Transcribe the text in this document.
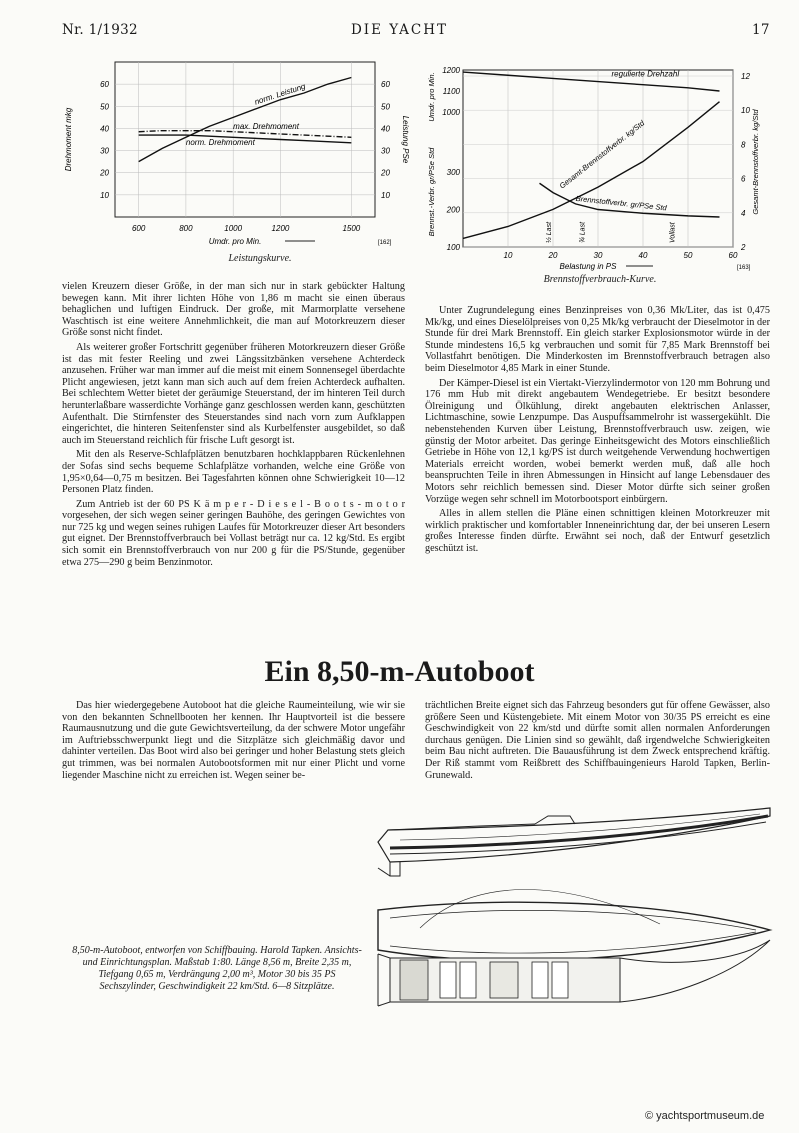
Nr. 1/1932	DIE YACHT	17
10	10
20	20
30	30
40	40
50	50
60	60
600	800	1000	1200	1500
Umdr. pro Min.
Drehmoment mkg	Leistung PSe
[162]
norm. Leistung
max. Drehmoment
norm. Drehmoment
Leistungskurve.	10	20	30	40	50	60
100
200
300
1000
1100
1200
2
4
6
8
10
12
Belastung in PS
Brennst.-Verbr. gr/PSe Std
Umdr. pro Min.
Gesamt-Brennstoffverbr. kg/Std
[163]
½ Last	¾ Last	Vollast
regulierte Drehzahl
Gesamt-Brennstoffverbr. kg/Std
Brennstoffverbr. gr/PSe Std
Brennstoffverbrauch-Kurve.

vielen Kreuzern dieser Größe, in der man sich nur in stark gebückter Haltung bewegen kann. Mit ihrer lichten Höhe von 1,86 m macht sie einen überaus behaglichen und luftigen Eindruck. Der große, mit Marmorplatte versehene Waschtisch ist eine weitere Annehmlichkeit, die man auf Motorkreuzern dieser Größe sonst nicht findet.

Als weiterer großer Fortschritt gegenüber früheren Motorkreuzern dieser Größe ist das mit fester Reeling und zwei Längssitzbänken versehene Achterdeck anzusehen. Früher war man immer auf die meist mit einem Sonnensegel überdachte Plicht angewiesen, jetzt kann man sich auch auf dem freien Achterdeck aufhalten. Bei schlechtem Wetter bietet der geräumige Steuerstand, der im hinteren Teil durch herunterlaßbare wasserdichte Vorhänge ganz geschlossen werden kann, geschützten Aufenthalt. Die Stirnfenster des Steuerstandes sind nach vorn zum Aufklappen eingerichtet, die hinteren Seitenfenster sind als Kurbelfenster ausgebildet, so daß auch im Steuerstand reichlich für frische Luft gesorgt ist.

Mit den als Reserve-Schlafplätzen benutzbaren hochklappbaren Rückenlehnen der Sofas sind sechs bequeme Schlafplätze vorhanden, welche eine Größe von 1,95×0,64—0,75 m besitzen. Bei Tagesfahrten können ohne Schwierigkeit 10—12 Personen Platz finden.

Zum Antrieb ist der 60 PS K ä m p e r - D i e s e l - B o o t s - m o t o r vorgesehen, der sich wegen seiner geringen Bauhöhe, des geringen Gewichtes von nur 725 kg und wegen seines ruhigen Laufes für Motorkreuzer dieser Art besonders gut eignet. Der Brennstoffverbrauch bei Vollast beträgt nur ca. 12 kg/Std. Es ergibt sich somit ein Brennstoffverbrauch von nur 200 g für die PS/Stunde, gegenüber etwa 275—290 g beim Benzinmotor.

Unter Zugrundelegung eines Benzinpreises von 0,36 Mk/Liter, das ist 0,475 Mk/kg, und eines Dieselölpreises von 0,25 Mk/kg verbraucht der Dieselmotor in der Stunde für drei Mark Brennstoff. Ein gleich starker Explosionsmotor würde in der Stunde mindestens 16,5 kg verbrauchen und somit für 7,85 Mark Brennstoff bei Vollastfahrt benötigen. Die Minderkosten im Brennstoffverbrauch betragen also beim Dieselmotor 4,85 Mark in einer Stunde.

Der Kämper-Diesel ist ein Viertakt-Vierzylindermotor von 120 mm Bohrung und 176 mm Hub mit direkt angebautem Wendegetriebe. Er besitzt besondere Ölreinigung und Ölkühlung, direkt angebauten elektrischen Anlasser, Lichtmaschine, sowie Lenzpumpe. Das Auspuffsammelrohr ist wassergekühlt. Die nebenstehenden Kurven über Leistung, Brennstoffverbrauch usw. zeigen, wie günstig der Motor arbeitet. Das geringe Einheitsgewicht des Motors einschließlich Getriebe in Höhe von 12,1 kg/PS ist durch weitgehende Verwendung hochwertigen Materials erreicht worden, wobei bemerkt werden muß, daß alle hoch beanspruchten Teile in ihren Abmessungen in Hinsicht auf lange Lebensdauer des Motors sehr reichlich bemessen sind. Dieser Motor dürfte sich seiner großen Vorzüge wegen sehr schnell im Motorbootsport einbürgern.

Alles in allem stellen die Pläne einen schnittigen kleinen Motorkreuzer mit wirklich praktischer und komfortabler Inneneinrichtung dar, der bei unseren Lesern großes Interesse finden dürfte. Erwähnt sei noch, daß der Entwurf gesetzlich geschützt ist.

Ein 8,50-m-Autoboot

Das hier wiedergegebene Autoboot hat die gleiche Raumeinteilung, wie wir sie von den bekannten Schnellbooten her kennen. Ihr Hauptvorteil ist die bessere Raumausnutzung und die gute Gewichtsverteilung, da der schwere Motor ungefähr im Auftriebsschwerpunkt liegt und die Sitzplätze sich gleichmäßig davor und dahinter verteilen. Das Boot wird also bei geringer und hoher Belastung stets gleich gut trimmen, was bei normalen Autobootsformen mit nur einer Plicht und vorne liegender Maschine nicht zu erreichen ist. Wegen seiner be-

trächtlichen Breite eignet sich das Fahrzeug besonders gut für offene Gewässer, also größere Seen und Küstengebiete. Mit einem Motor von 30/35 PS erreicht es eine Geschwindigkeit von 22 km/std und dürfte somit allen normalen Anforderungen durchaus genügen. Die Linien sind so gewählt, daß irgendwelche Schwierigkeiten beim Bau nicht auftreten. Die Bauausführung ist dem Zweck entsprechend kräftig. Der Riß stammt vom Reißbrett des Schiffbauingenieurs Harold Tapken, Berlin-Grunewald.

8,50-m-Autoboot, entworfen von Schiffbauing. Harold Tapken. Ansichts- und Einrichtungsplan. Maßstab 1:80. Länge 8,56 m, Breite 2,35 m, Tiefgang 0,65 m, Verdrängung 2,00 m³, Motor 30 bis 35 PS Sechszylinder, Geschwindigkeit 22 km/Std. 6—8 Sitzplätze.
© yachtsportmuseum.de
